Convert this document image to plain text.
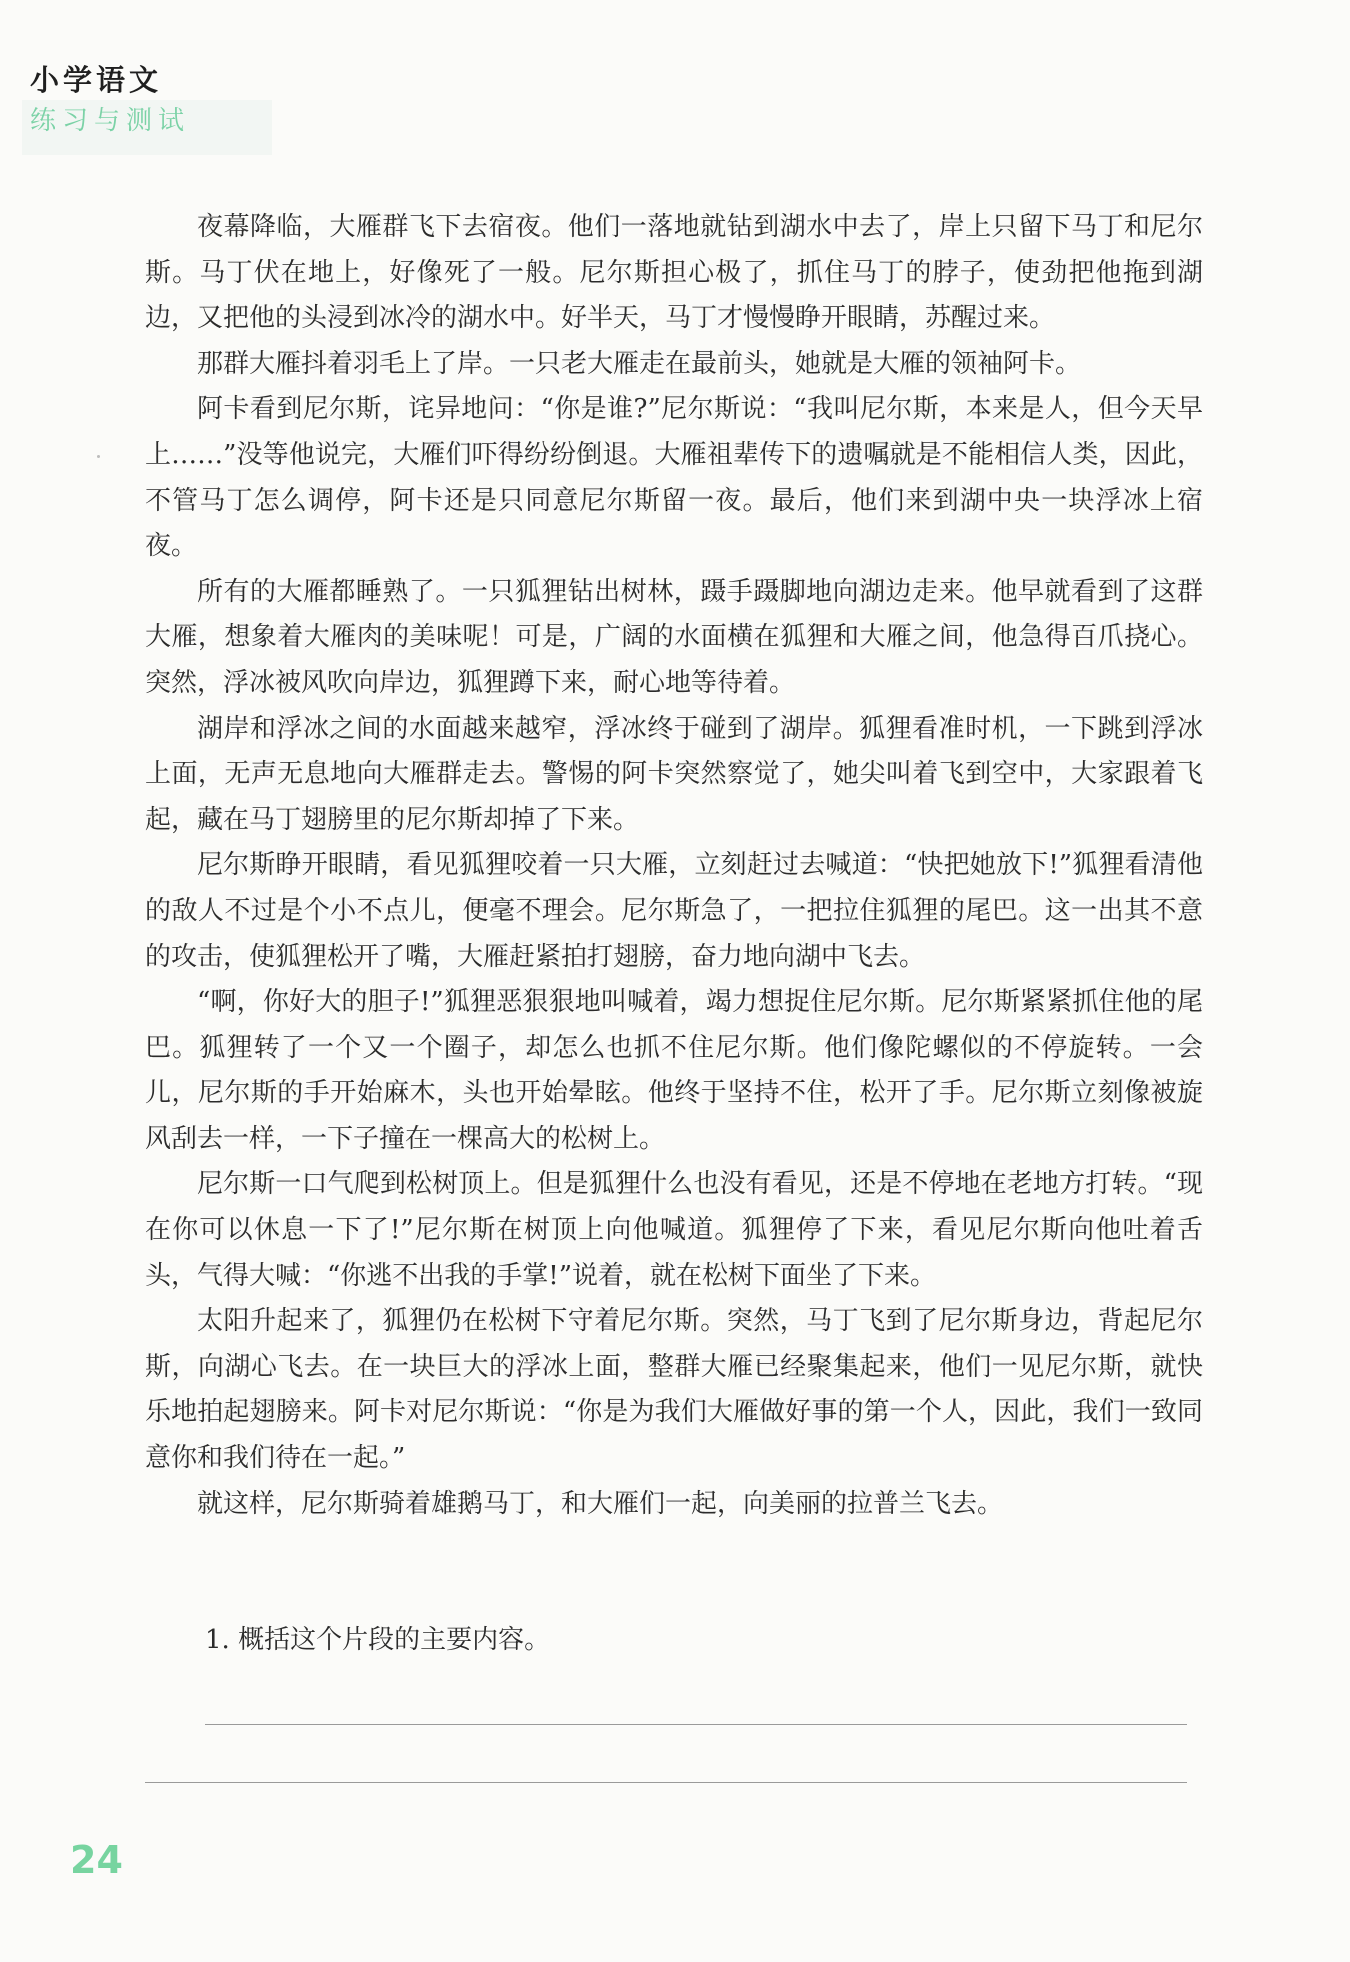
小学语文
练习与测试

夜幕降临，大雁群飞下去宿夜。他们一落地就钻到湖水中去了，岸上只留下马丁和尼尔斯。马丁伏在地上，好像死了一般。尼尔斯担心极了，抓住马丁的脖子，使劲把他拖到湖边，又把他的头浸到冰冷的湖水中。好半天，马丁才慢慢睁开眼睛，苏醒过来。

那群大雁抖着羽毛上了岸。一只老大雁走在最前头，她就是大雁的领袖阿卡。

阿卡看到尼尔斯，诧异地问：“你是谁?”尼尔斯说：“我叫尼尔斯，本来是人，但今天早上……”没等他说完，大雁们吓得纷纷倒退。大雁祖辈传下的遗嘱就是不能相信人类，因此，不管马丁怎么调停，阿卡还是只同意尼尔斯留一夜。最后，他们来到湖中央一块浮冰上宿夜。

所有的大雁都睡熟了。一只狐狸钻出树林，蹑手蹑脚地向湖边走来。他早就看到了这群大雁，想象着大雁肉的美味呢！可是，广阔的水面横在狐狸和大雁之间，他急得百爪挠心。突然，浮冰被风吹向岸边，狐狸蹲下来，耐心地等待着。

湖岸和浮冰之间的水面越来越窄，浮冰终于碰到了湖岸。狐狸看准时机，一下跳到浮冰上面，无声无息地向大雁群走去。警惕的阿卡突然察觉了，她尖叫着飞到空中，大家跟着飞起，藏在马丁翅膀里的尼尔斯却掉了下来。

尼尔斯睁开眼睛，看见狐狸咬着一只大雁，立刻赶过去喊道：“快把她放下!”狐狸看清他的敌人不过是个小不点儿，便毫不理会。尼尔斯急了，一把拉住狐狸的尾巴。这一出其不意的攻击，使狐狸松开了嘴，大雁赶紧拍打翅膀，奋力地向湖中飞去。

“啊，你好大的胆子!”狐狸恶狠狠地叫喊着，竭力想捉住尼尔斯。尼尔斯紧紧抓住他的尾巴。狐狸转了一个又一个圈子，却怎么也抓不住尼尔斯。他们像陀螺似的不停旋转。一会儿，尼尔斯的手开始麻木，头也开始晕眩。他终于坚持不住，松开了手。尼尔斯立刻像被旋风刮去一样，一下子撞在一棵高大的松树上。

尼尔斯一口气爬到松树顶上。但是狐狸什么也没有看见，还是不停地在老地方打转。“现在你可以休息一下了!”尼尔斯在树顶上向他喊道。狐狸停了下来，看见尼尔斯向他吐着舌头，气得大喊：“你逃不出我的手掌!”说着，就在松树下面坐了下来。

太阳升起来了，狐狸仍在松树下守着尼尔斯。突然，马丁飞到了尼尔斯身边，背起尼尔斯，向湖心飞去。在一块巨大的浮冰上面，整群大雁已经聚集起来，他们一见尼尔斯，就快乐地拍起翅膀来。阿卡对尼尔斯说：“你是为我们大雁做好事的第一个人，因此，我们一致同意你和我们待在一起。”

就这样，尼尔斯骑着雄鹅马丁，和大雁们一起，向美丽的拉普兰飞去。

1. 概括这个片段的主要内容。
24
